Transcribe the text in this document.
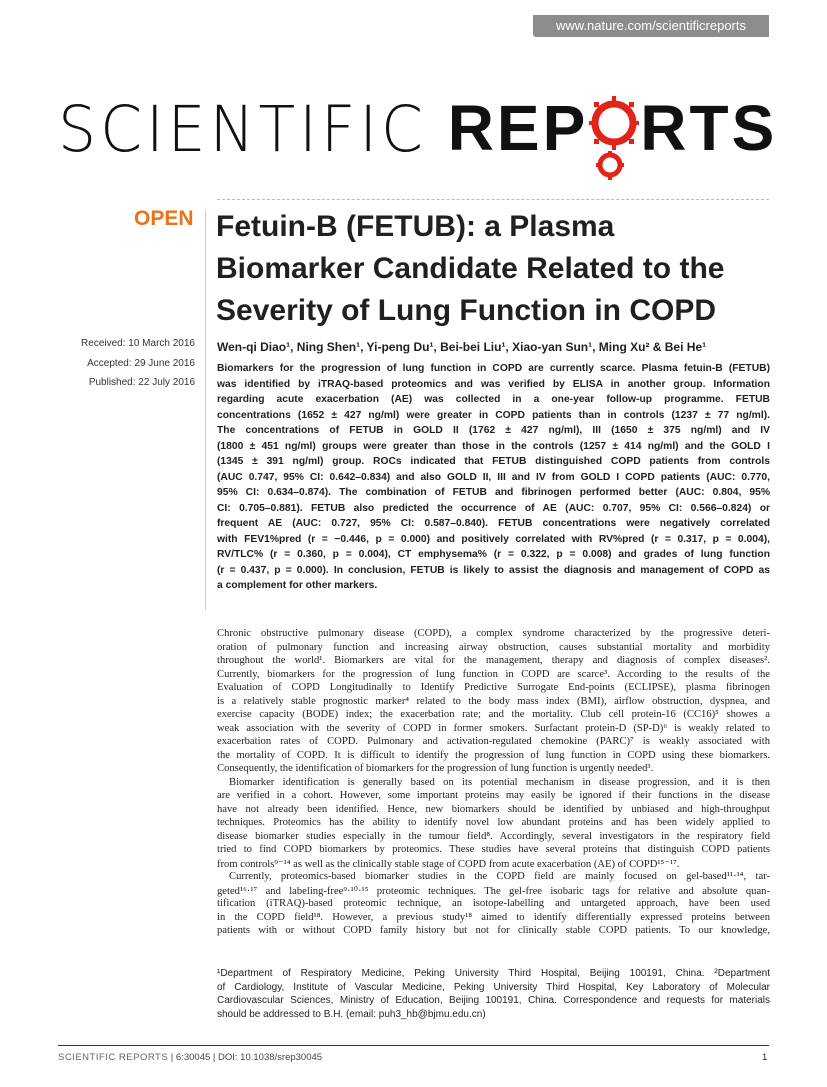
www.nature.com/scientificreports
SCIENTIFIC REP RTS
OPEN Fetuin-B (FETUB): a Plasma
Biomarker Candidate Related to the
Severity of Lung Function in COPD
Received: 10 March 2016
Accepted: 29 June 2016
Published: 22 July 2016
Wen-qi Diao¹, Ning Shen¹, Yi-peng Du¹, Bei-bei Liu¹, Xiao-yan Sun¹, Ming Xu² & Bei He¹
Biomarkers for the progression of lung function in COPD are currently scarce. Plasma fetuin-B (FETUB)
was identified by iTRAQ-based proteomics and was verified by ELISA in another group. Information
regarding acute exacerbation (AE) was collected in a one-year follow-up programme. FETUB
concentrations (1652 ± 427 ng/ml) were greater in COPD patients than in controls (1237 ± 77 ng/ml).
The concentrations of FETUB in GOLD II (1762 ± 427 ng/ml), III (1650 ± 375 ng/ml) and IV
(1800 ± 451 ng/ml) groups were greater than those in the controls (1257 ± 414 ng/ml) and the GOLD I
(1345 ± 391 ng/ml) group. ROCs indicated that FETUB distinguished COPD patients from controls
(AUC 0.747, 95% CI: 0.642–0.834) and also GOLD II, III and IV from GOLD I COPD patients (AUC: 0.770,
95% CI: 0.634–0.874). The combination of FETUB and fibrinogen performed better (AUC: 0.804, 95%
CI: 0.705–0.881). FETUB also predicted the occurrence of AE (AUC: 0.707, 95% CI: 0.566–0.824) or
frequent AE (AUC: 0.727, 95% CI: 0.587–0.840). FETUB concentrations were negatively correlated
with FEV1%pred (r = −0.446, p = 0.000) and positively correlated with RV%pred (r = 0.317, p = 0.004),
RV/TLC% (r = 0.360, p = 0.004), CT emphysema% (r = 0.322, p = 0.008) and grades of lung function
(r = 0.437, p = 0.000). In conclusion, FETUB is likely to assist the diagnosis and management of COPD as
a complement for other markers.
Chronic obstructive pulmonary disease (COPD), a complex syndrome characterized by the progressive deteri-
oration of pulmonary function and increasing airway obstruction, causes substantial mortality and morbidity
throughout the world¹. Biomarkers are vital for the management, therapy and diagnosis of complex diseases².
Currently, biomarkers for the progression of lung function in COPD are scarce³. According to the results of the
Evaluation of COPD Longitudinally to Identify Predictive Surrogate End-points (ECLIPSE), plasma fibrinogen
is a relatively stable prognostic marker⁴ related to the body mass index (BMI), airflow obstruction, dyspnea, and
exercise capacity (BODE) index; the exacerbation rate; and the mortality. Club cell protein-16 (CC16)⁵ showes a
weak association with the severity of COPD in former smokers. Surfactant protein-D (SP-D)⁶ is weakly related to
exacerbation rates of COPD. Pulmonary and activation-regulated chemokine (PARC)⁷ is weakly associated with
the mortality of COPD. It is difficult to identify the progression of lung function in COPD using these biomarkers.
Consequently, the identification of biomarkers for the progression of lung function is urgently needed³.
Biomarker identification is generally based on its potential mechanism in disease progression, and it is then
are verified in a cohort. However, some important proteins may easily be ignored if their functions in the disease
have not already been identified. Hence, new biomarkers should be identified by unbiased and high-throughput
techniques. Proteomics has the ability to identify novel low abundant proteins and has been widely applied to
disease biomarker studies especially in the tumour field⁸. Accordingly, several investigators in the respiratory field
tried to find COPD biomarkers by proteomics. These studies have several proteins that distinguish COPD patients
from controls⁹⁻¹⁴ as well as the clinically stable stage of COPD from acute exacerbation (AE) of COPD¹⁵⁻¹⁷.
Currently, proteomics-based biomarker studies in the COPD field are mainly focused on gel-based¹¹·¹⁴, tar-
geted¹⁶·¹⁷ and labeling-free⁹·¹⁰·¹⁵ proteomic techniques. The gel-free isobaric tags for relative and absolute quan-
tification (iTRAQ)-based proteomic technique, an isotope-labelling and untargeted approach, have been used
in the COPD field¹⁸. However, a previous study¹⁸ aimed to identify differentially expressed proteins between
patients with or without COPD family history but not for clinically stable COPD patients. To our knowledge,
¹Department of Respiratory Medicine, Peking University Third Hospital, Beijing 100191, China. ²Department
of Cardiology, Institute of Vascular Medicine, Peking University Third Hospital, Key Laboratory of Molecular
Cardiovascular Sciences, Ministry of Education, Beijing 100191, China. Correspondence and requests for materials
should be addressed to B.H. (email: puh3_hb@bjmu.edu.cn)
SCIENTIFIC REPORTS | 6:30045 | DOI: 10.1038/srep30045	1
